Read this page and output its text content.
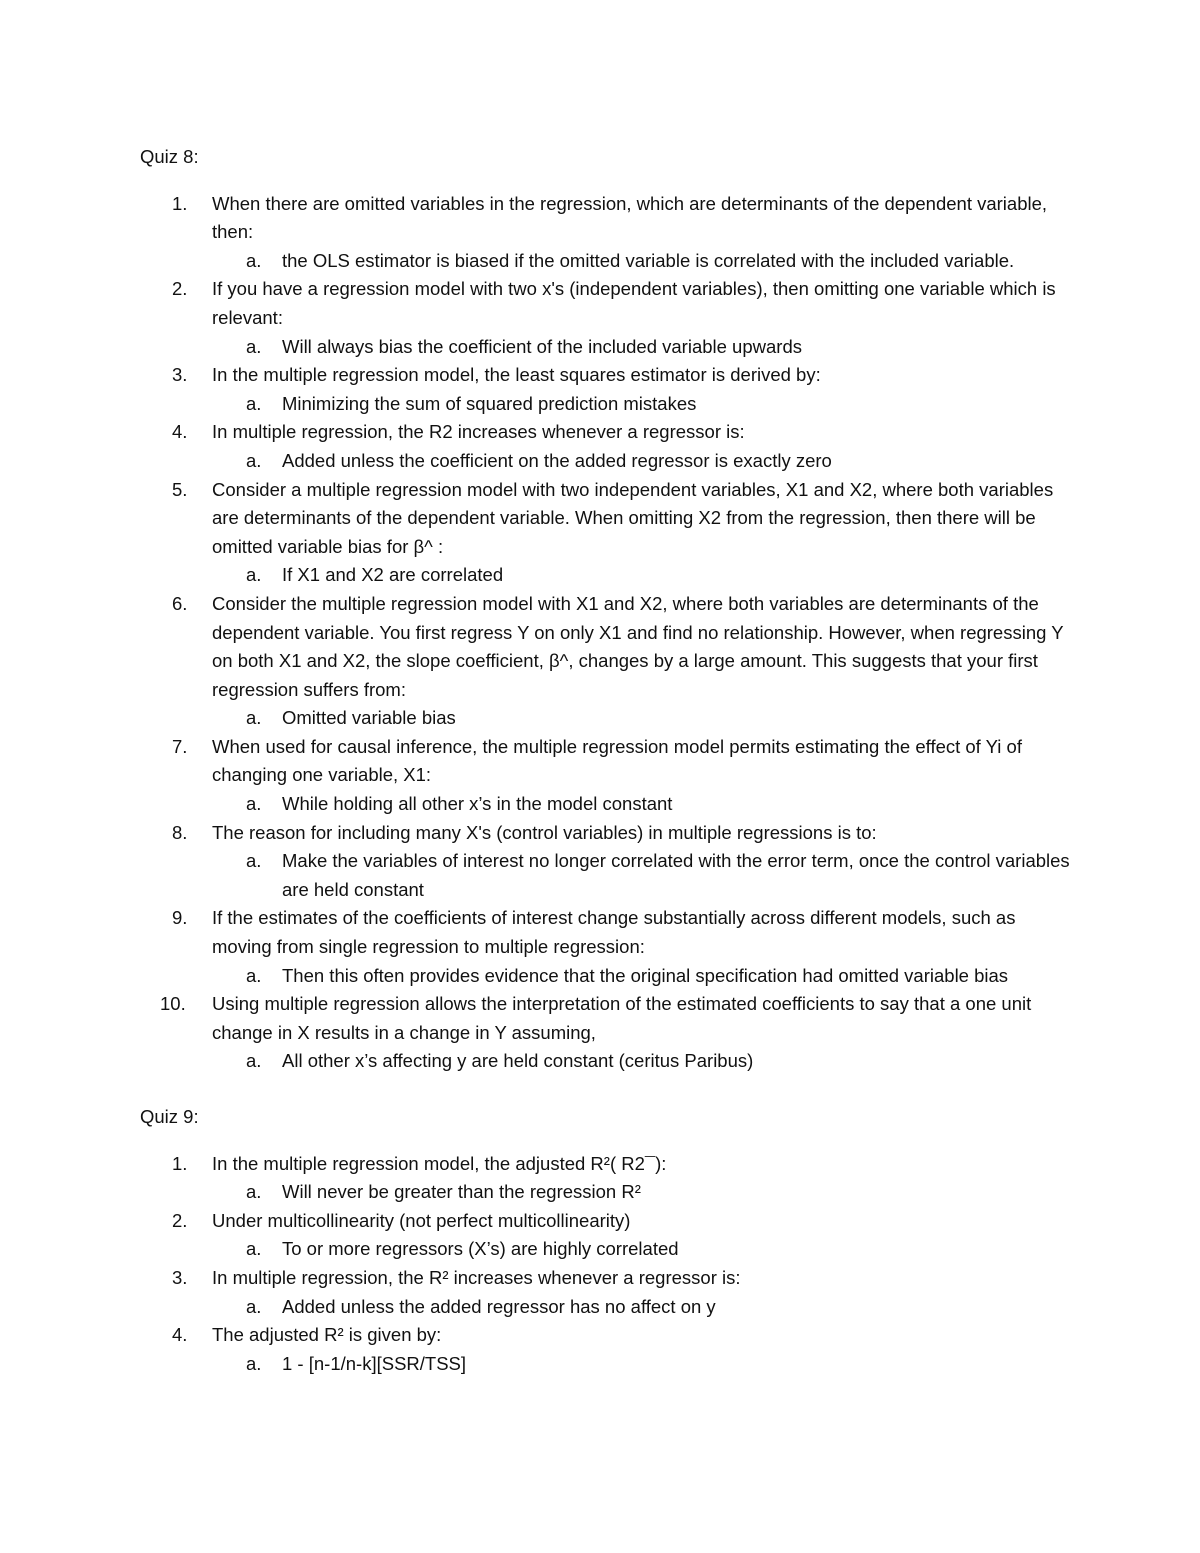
Quiz 8:
1. When there are omitted variables in the regression, which are determinants of the dependent variable, then:
a. the OLS estimator is biased if the omitted variable is correlated with the included variable.
2. If you have a regression model with two x's (independent variables), then omitting one variable which is relevant:
a. Will always bias the coefficient of the included variable upwards
3. In the multiple regression model, the least squares estimator is derived by:
a. Minimizing the sum of squared prediction mistakes
4. In multiple regression, the R2 increases whenever a regressor is:
a. Added unless the coefficient on the added regressor is exactly zero
5. Consider a multiple regression model with two independent variables, X1 and X2, where both variables are determinants of the dependent variable. When omitting X2 from the regression, then there will be omitted variable bias for β^ :
a. If X1 and X2 are correlated
6. Consider the multiple regression model with X1 and X2, where both variables are determinants of the dependent variable. You first regress Y on only X1 and find no relationship. However, when regressing Y on both X1 and X2, the slope coefficient, β^, changes by a large amount. This suggests that your first regression suffers from:
a. Omitted variable bias
7. When used for causal inference, the multiple regression model permits estimating the effect of Yi of changing one variable, X1:
a. While holding all other x’s in the model constant
8. The reason for including many X's (control variables) in multiple regressions is to:
a. Make the variables of interest no longer correlated with the error term, once the control variables are held constant
9. If the estimates of the coefficients of interest change substantially across different models, such as moving from single regression to multiple regression:
a. Then this often provides evidence that the original specification had omitted variable bias
10. Using multiple regression allows the interpretation of the estimated coefficients to say that a one unit change in X results in a change in Y assuming,
a. All other x’s affecting y are held constant (ceritus Paribus)
Quiz 9:
1. In the multiple regression model, the adjusted R²( R2¯):
a. Will never be greater than the regression R²
2. Under multicollinearity (not perfect multicollinearity)
a. To or more regressors (X’s) are highly correlated
3. In multiple regression, the R² increases whenever a regressor is:
a. Added unless the added regressor has no affect on y
4. The adjusted R² is given by:
a. 1 - [n-1/n-k][SSR/TSS]
